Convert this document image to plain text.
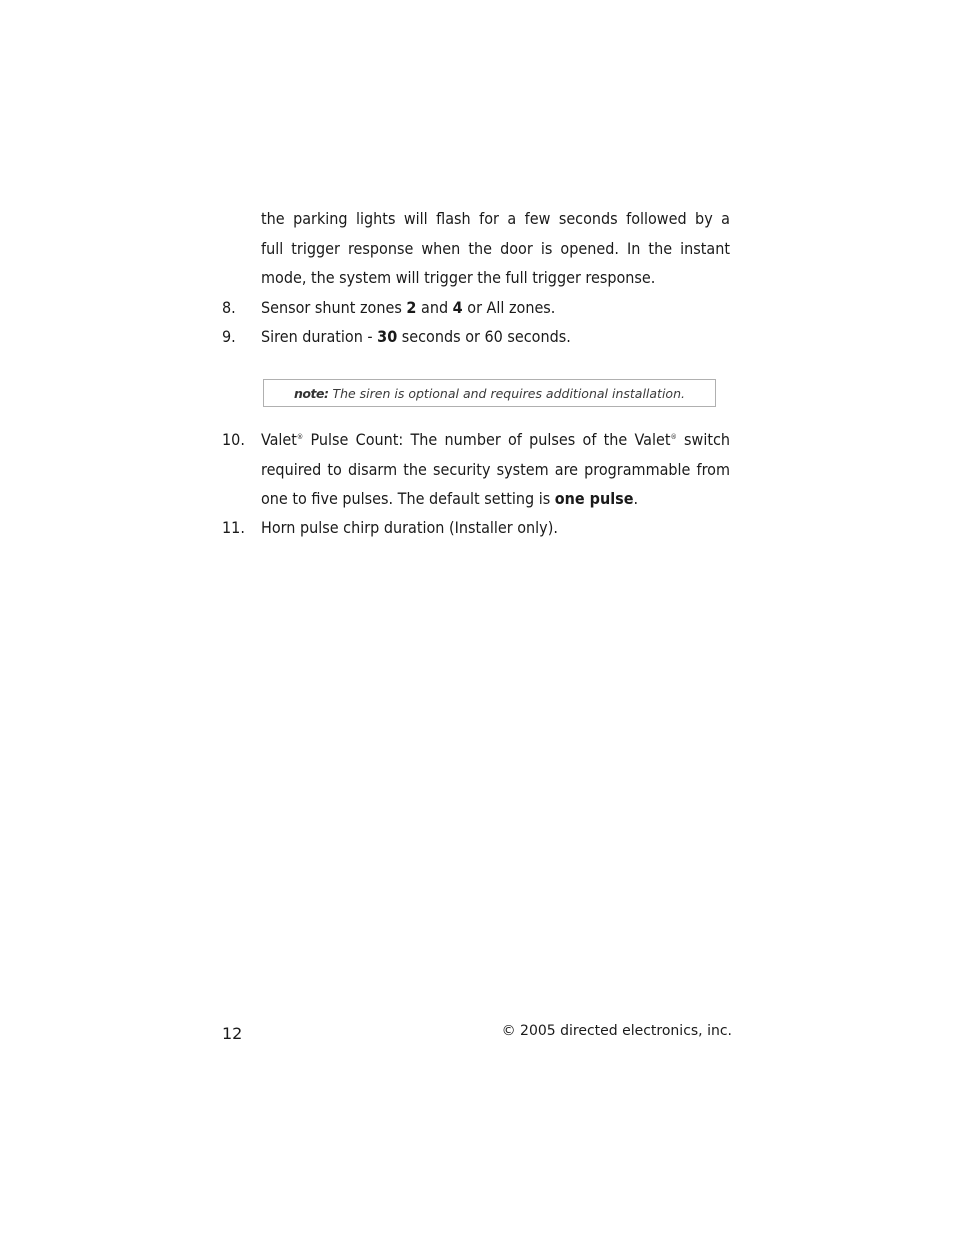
the parking lights will flash for a few seconds followed by a
full trigger response when the door is opened. In the instant
mode, the system will trigger the full trigger response.
8. Sensor shunt zones 2 and 4 or All zones.
9. Siren duration - 30 seconds or 60 seconds.
note: The siren is optional and requires additional installation.
10. Valet® Pulse Count: The number of pulses of the Valet® switch
required to disarm the security system are programmable from
one to five pulses. The default setting is one pulse.
11. Horn pulse chirp duration (Installer only).
12	© 2005 directed electronics, inc.
